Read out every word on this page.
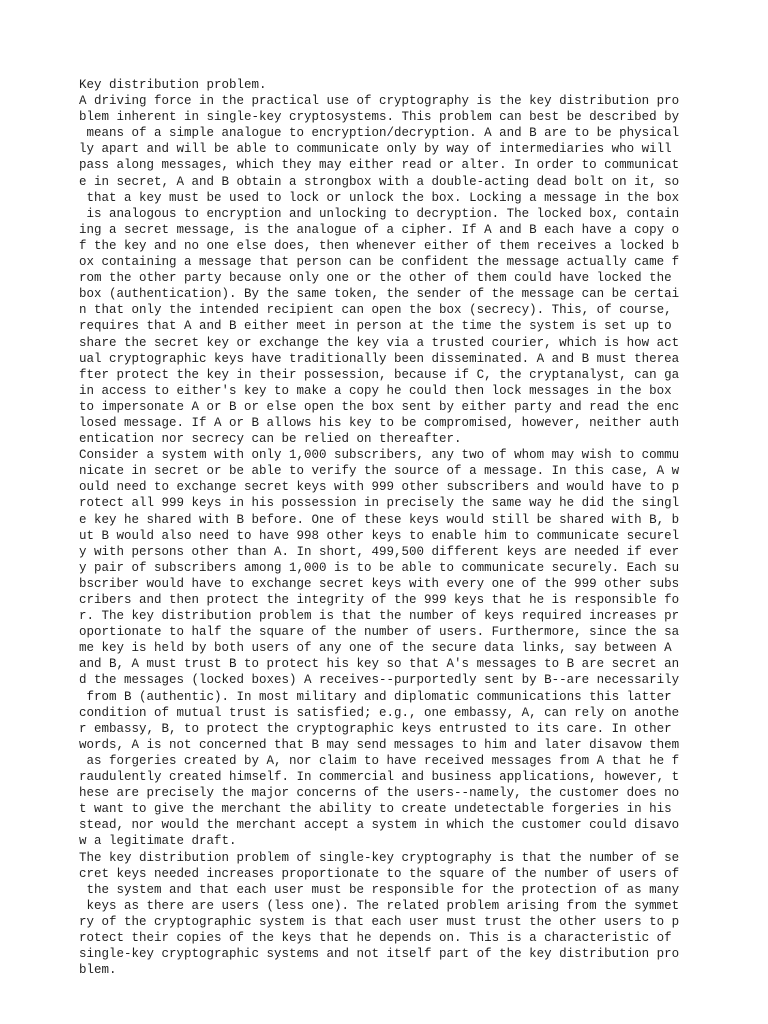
Key distribution problem.
A driving force in the practical use of cryptography is the key distribution pro
blem inherent in single-key cryptosystems. This problem can best be described by
means of a simple analogue to encryption/decryption. A and B are to be physical
ly apart and will be able to communicate only by way of intermediaries who will
pass along messages, which they may either read or alter. In order to communicat
e in secret, A and B obtain a strongbox with a double-acting dead bolt on it, so
that a key must be used to lock or unlock the box. Locking a message in the box
is analogous to encryption and unlocking to decryption. The locked box, contain
ing a secret message, is the analogue of a cipher. If A and B each have a copy o
f the key and no one else does, then whenever either of them receives a locked b
ox containing a message that person can be confident the message actually came f
rom the other party because only one or the other of them could have locked the
box (authentication). By the same token, the sender of the message can be certai
n that only the intended recipient can open the box (secrecy). This, of course,
requires that A and B either meet in person at the time the system is set up to
share the secret key or exchange the key via a trusted courier, which is how act
ual cryptographic keys have traditionally been disseminated. A and B must therea
fter protect the key in their possession, because if C, the cryptanalyst, can ga
in access to either's key to make a copy he could then lock messages in the box
to impersonate A or B or else open the box sent by either party and read the enc
losed message. If A or B allows his key to be compromised, however, neither auth
entication nor secrecy can be relied on thereafter.
Consider a system with only 1,000 subscribers, any two of whom may wish to commu
nicate in secret or be able to verify the source of a message. In this case, A w
ould need to exchange secret keys with 999 other subscribers and would have to p
rotect all 999 keys in his possession in precisely the same way he did the singl
e key he shared with B before. One of these keys would still be shared with B, b
ut B would also need to have 998 other keys to enable him to communicate securel
y with persons other than A. In short, 499,500 different keys are needed if ever
y pair of subscribers among 1,000 is to be able to communicate securely. Each su
bscriber would have to exchange secret keys with every one of the 999 other subs
cribers and then protect the integrity of the 999 keys that he is responsible fo
r. The key distribution problem is that the number of keys required increases pr
oportionate to half the square of the number of users. Furthermore, since the sa
me key is held by both users of any one of the secure data links, say between A
and B, A must trust B to protect his key so that A's messages to B are secret an
d the messages (locked boxes) A receives--purportedly sent by B--are necessarily
from B (authentic). In most military and diplomatic communications this latter
condition of mutual trust is satisfied; e.g., one embassy, A, can rely on anothe
r embassy, B, to protect the cryptographic keys entrusted to its care. In other
words, A is not concerned that B may send messages to him and later disavow them
as forgeries created by A, nor claim to have received messages from A that he f
raudulently created himself. In commercial and business applications, however, t
hese are precisely the major concerns of the users--namely, the customer does no
t want to give the merchant the ability to create undetectable forgeries in his
stead, nor would the merchant accept a system in which the customer could disavo
w a legitimate draft.
The key distribution problem of single-key cryptography is that the number of se
cret keys needed increases proportionate to the square of the number of users of
the system and that each user must be responsible for the protection of as many
keys as there are users (less one). The related problem arising from the symmet
ry of the cryptographic system is that each user must trust the other users to p
rotect their copies of the keys that he depends on. This is a characteristic of
single-key cryptographic systems and not itself part of the key distribution pro
blem.
